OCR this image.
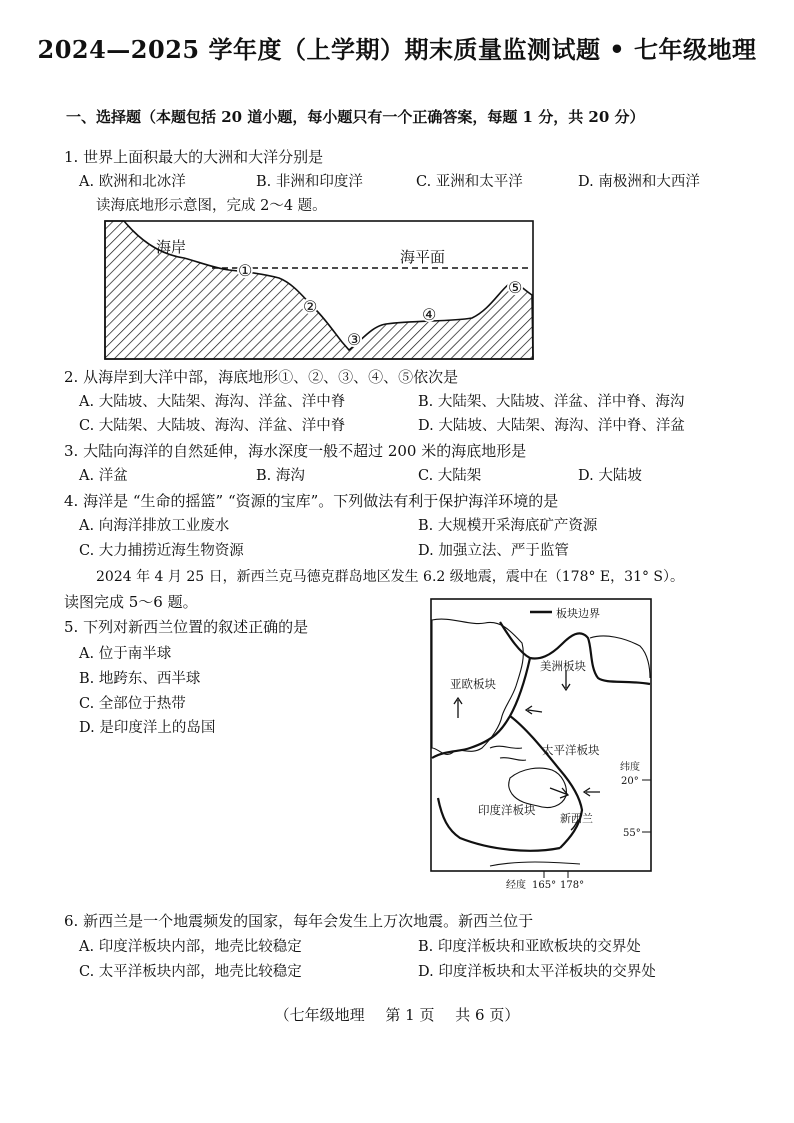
2024—2025 学年度（上学期）期末质量监测试题 • 七年级地理
一、选择题（本题包括 20 道小题，每小题只有一个正确答案，每题 1 分，共 20 分）
1. 世界上面积最大的大洲和大洋分别是
A. 欧洲和北冰洋	B. 非洲和印度洋	C. 亚洲和太平洋	D. 南极洲和大西洋
读海底地形示意图，完成 2～4 题。
海岸
海平面
①
②
③
④
⑤
2. 从海岸到大洋中部，海底地形①、②、③、④、⑤依次是
A. 大陆坡、大陆架、海沟、洋盆、洋中脊	B. 大陆架、大陆坡、洋盆、洋中脊、海沟
C. 大陆架、大陆坡、海沟、洋盆、洋中脊	D. 大陆坡、大陆架、海沟、洋中脊、洋盆
3. 大陆向海洋的自然延伸，海水深度一般不超过 200 米的海底地形是
A. 洋盆	B. 海沟	C. 大陆架	D. 大陆坡
4. 海洋是 “生命的摇篮” “资源的宝库”。下列做法有利于保护海洋环境的是
A. 向海洋排放工业废水	B. 大规模开采海底矿产资源
C. 大力捕捞近海生物资源	D. 加强立法、严于监管
2024 年 4 月 25 日，新西兰克马德克群岛地区发生 6.2 级地震，震中在（178° E，31° S）。
读图完成 5～6 题。
5. 下列对新西兰位置的叙述正确的是
A. 位于南半球
B. 地跨东、西半球
C. 全部位于热带
D. 是印度洋上的岛国
板块边界
亚欧板块
美洲板块
太平洋板块
印度洋板块
新西兰
纬度
20°
55°
经度 165° 178°
6. 新西兰是一个地震频发的国家，每年会发生上万次地震。新西兰位于
A. 印度洋板块内部，地壳比较稳定	B. 印度洋板块和亚欧板块的交界处
C. 太平洋板块内部，地壳比较稳定	D. 印度洋板块和太平洋板块的交界处
（七年级地理 第 1 页 共 6 页）
